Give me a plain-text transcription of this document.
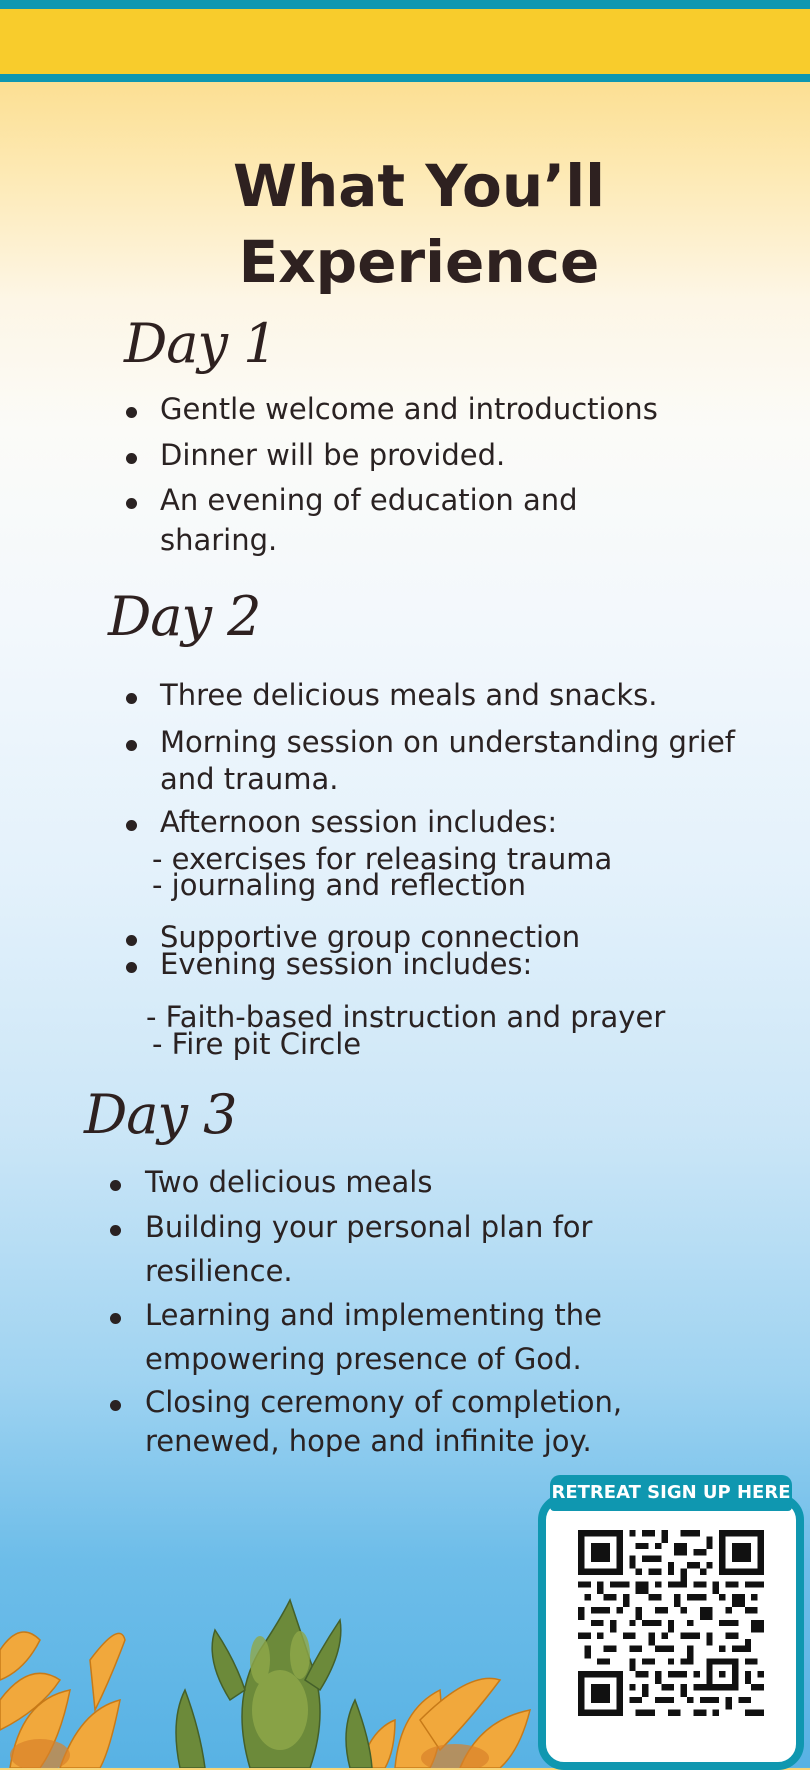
What You’ll
Experience
Day 1
Gentle welcome and introductions
Dinner will be provided.
An evening of education and
sharing.
Day 2
Three delicious meals and snacks.
Morning session on understanding grief
and trauma.
Afternoon session includes:
- exercises for releasing trauma
- journaling and reflection
Supportive group connection
Evening session includes:
- Faith-based instruction and prayer
- Fire pit Circle
Day 3
Two delicious meals
Building your personal plan for
resilience.
Learning and implementing the
empowering presence of God.
Closing ceremony of completion,
renewed, hope and infinite joy.
RETREAT SIGN UP HERE
